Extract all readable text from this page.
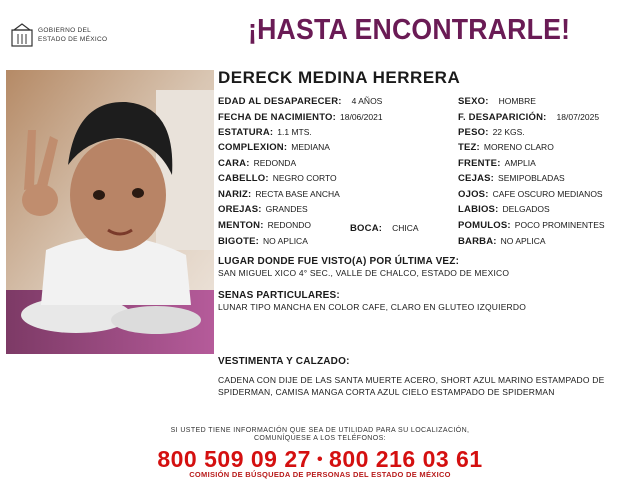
GOBIERNO DEL
ESTADO DE MÉXICO	¡HASTA ENCONTRARLE!
DERECK MEDINA HERRERA
EDAD AL DESAPARECER: 4 AÑOS
FECHA DE NACIMIENTO: 18/06/2021
ESTATURA: 1.1 MTS.
COMPLEXION: MEDIANA
CARA: REDONDA
CABELLO: NEGRO CORTO
NARIZ: RECTA BASE ANCHA
OREJAS: GRANDES
MENTON: REDONDO
BIGOTE: NO APLICA
BOCA: CHICA
SEXO: HOMBRE
F. DESAPARICIÓN: 18/07/2025
PESO: 22 KGS.
TEZ: MORENO CLARO
FRENTE: AMPLIA
CEJAS: SEMIPOBLADAS
OJOS: CAFE OSCURO MEDIANOS
LABIOS: DELGADOS
POMULOS: POCO PROMINENTES
BARBA: NO APLICA
LUGAR DONDE FUE VISTO(A) POR ÚLTIMA VEZ:
SAN MIGUEL XICO 4° SEC., VALLE DE CHALCO, ESTADO DE MEXICO
SENAS PARTICULARES:
LUNAR TIPO MANCHA EN COLOR CAFE, CLARO EN GLUTEO IZQUIERDO
VESTIMENTA Y CALZADO:
CADENA CON DIJE DE LAS SANTA MUERTE ACERO, SHORT AZUL MARINO ESTAMPADO DE SPIDERMAN, CAMISA MANGA CORTA AZUL CIELO ESTAMPADO DE SPIDERMAN
SI USTED TIENE INFORMACIÓN QUE SEA DE UTILIDAD PARA SU LOCALIZACIÓN,
COMUNÍQUESE A LOS TELÉFONOS:
800 509 09 27 • 800 216 03 61
COMISIÓN DE BÚSQUEDA DE PERSONAS DEL ESTADO DE MÉXICO
